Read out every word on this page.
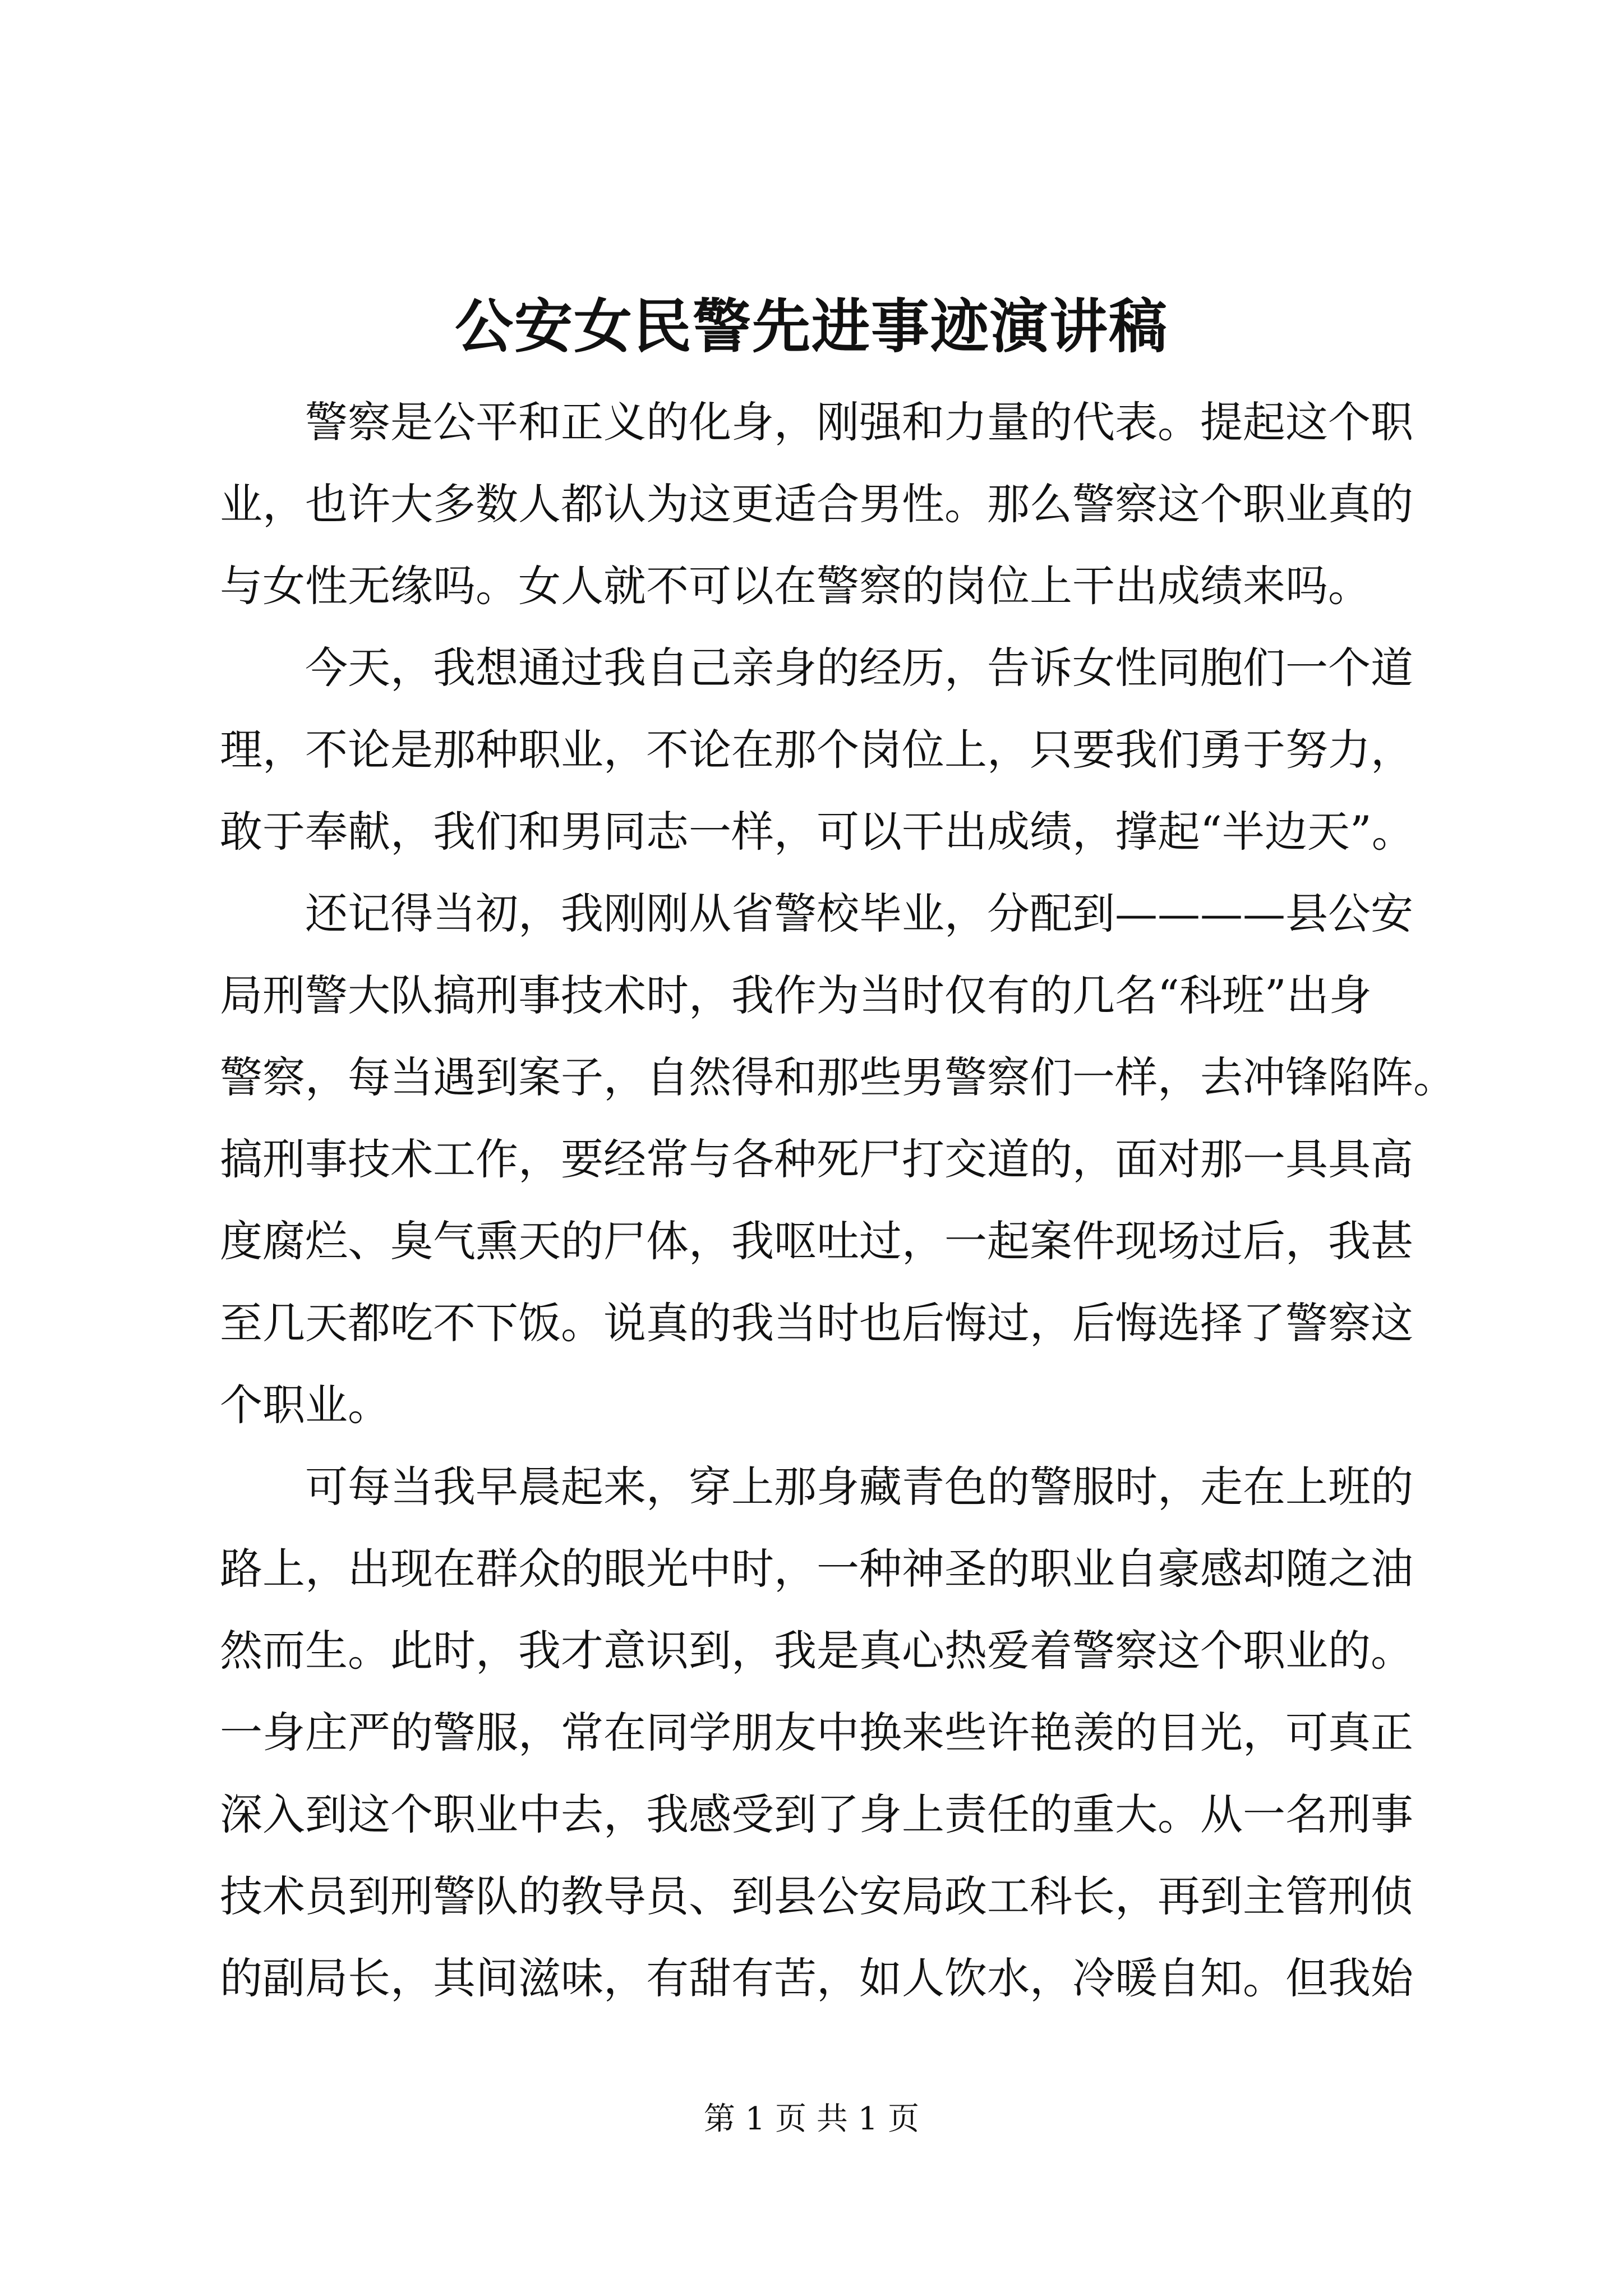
公安女民警先进事迹演讲稿

警察是公平和正义的化身，刚强和力量的代表。提起这个职
业，也许大多数人都认为这更适合男性。那么警察这个职业真的
与女性无缘吗。女人就不可以在警察的岗位上干出成绩来吗。

今天，我想通过我自己亲身的经历，告诉女性同胞们一个道
理，不论是那种职业，不论在那个岗位上，只要我们勇于努力，
敢于奉献，我们和男同志一样，可以干出成绩，撑起“半边天”。

还记得当初，我刚刚从省警校毕业，分配到————县公安
局刑警大队搞刑事技术时，我作为当时仅有的几名“科班”出身
警察，每当遇到案子，自然得和那些男警察们一样，去冲锋陷阵。
搞刑事技术工作，要经常与各种死尸打交道的，面对那一具具高
度腐烂、臭气熏天的尸体，我呕吐过，一起案件现场过后，我甚
至几天都吃不下饭。说真的我当时也后悔过，后悔选择了警察这
个职业。

可每当我早晨起来，穿上那身藏青色的警服时，走在上班的
路上，出现在群众的眼光中时，一种神圣的职业自豪感却随之油
然而生。此时，我才意识到，我是真心热爱着警察这个职业的。
一身庄严的警服，常在同学朋友中换来些许艳羡的目光，可真正
深入到这个职业中去，我感受到了身上责任的重大。从一名刑事
技术员到刑警队的教导员、到县公安局政工科长，再到主管刑侦
的副局长，其间滋味，有甜有苦，如人饮水，冷暖自知。但我始

第 1 页 共 1 页
